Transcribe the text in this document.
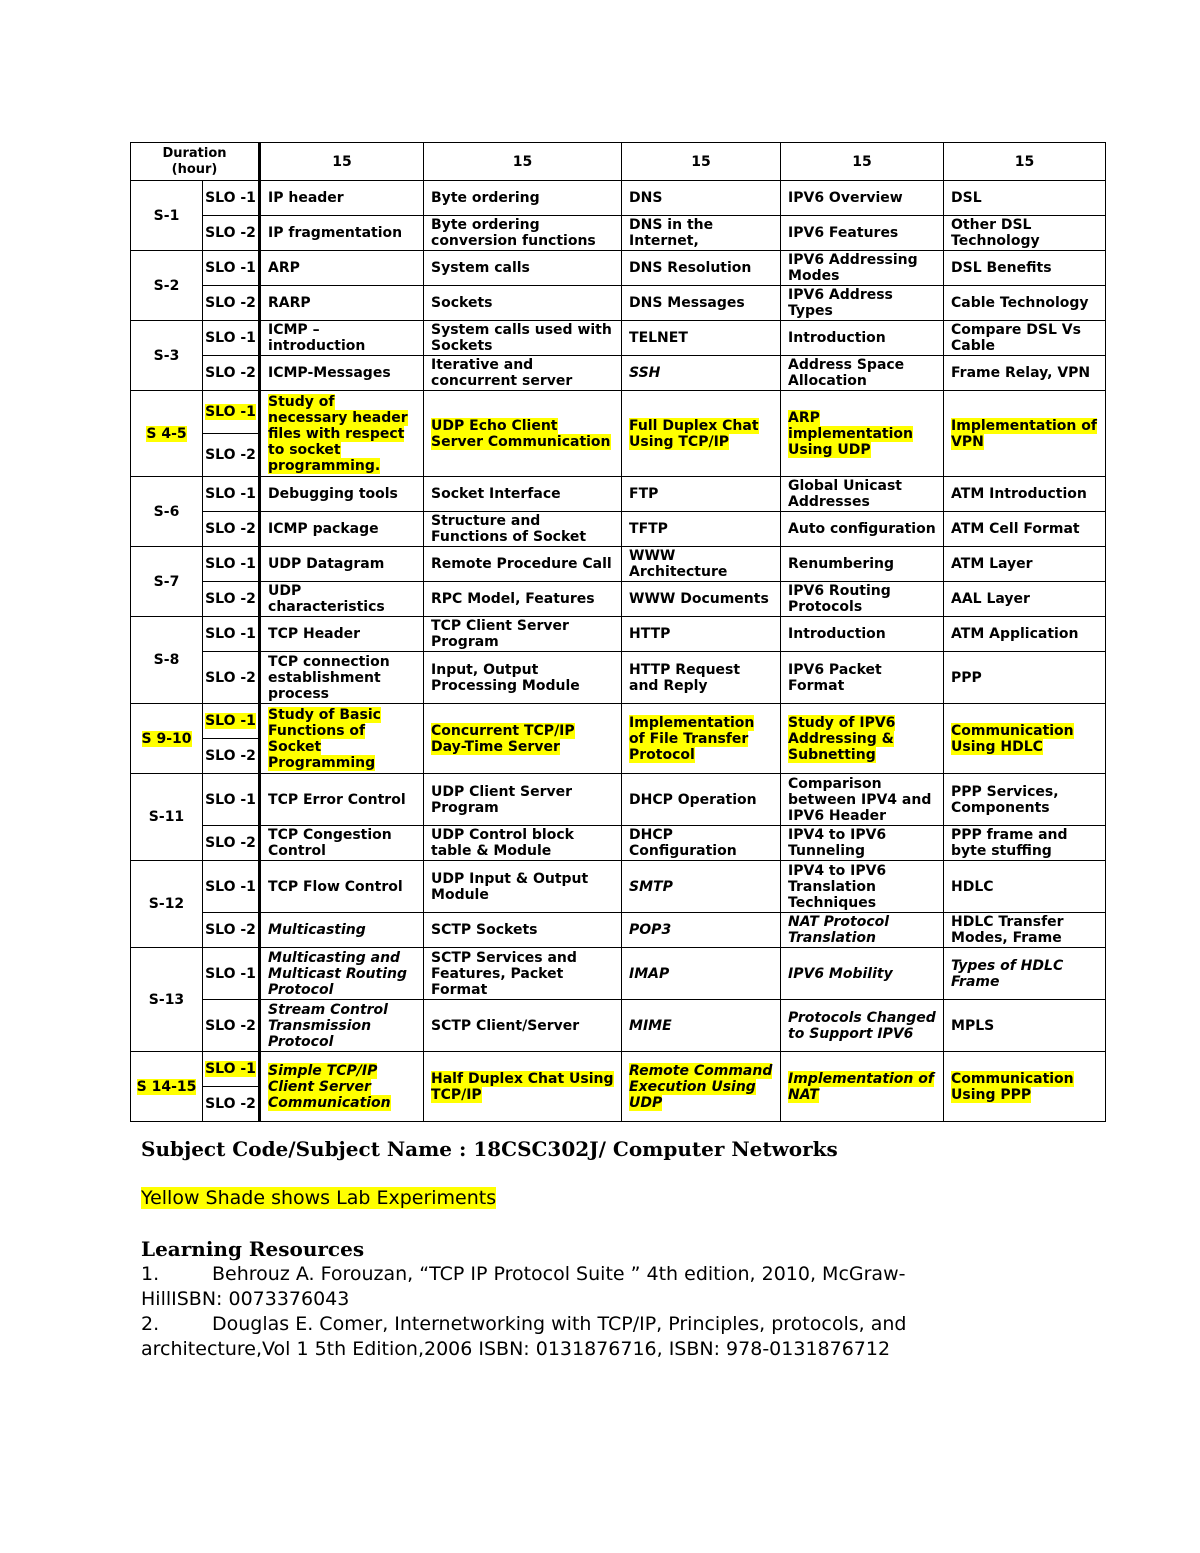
Duration (hour)		15	15	15	15	15
S-1	SLO -1	IP header	Byte ordering	DNS	IPV6 Overview	DSL
	SLO -2	IP fragmentation	Byte ordering conversion functions	DNS in the Internet,	IPV6 Features	Other DSL Technology
S-2	SLO -1	ARP	System calls	DNS Resolution	IPV6 Addressing Modes	DSL Benefits
	SLO -2	RARP	Sockets	DNS Messages	IPV6 Address Types	Cable Technology
S-3	SLO -1	ICMP – introduction	System calls used with Sockets	TELNET	Introduction	Compare DSL Vs Cable
	SLO -2	ICMP-Messages	Iterative and concurrent server	SSH	Address Space Allocation	Frame Relay, VPN
S 4-5	SLO -1	Study of necessary header files with respect to socket programming.	UDP Echo Client Server Communication	Full Duplex Chat Using TCP/IP	ARP implementation Using UDP	Implementation of VPN
	SLO -2					
S-6	SLO -1	Debugging tools	Socket Interface	FTP	Global Unicast Addresses	ATM Introduction
	SLO -2	ICMP package	Structure and Functions of Socket	TFTP	Auto configuration	ATM Cell Format
S-7	SLO -1	UDP Datagram	Remote Procedure Call	WWW Architecture	Renumbering	ATM Layer
	SLO -2	UDP characteristics	RPC Model, Features	WWW Documents	IPV6 Routing Protocols	AAL Layer
S-8	SLO -1	TCP Header	TCP Client Server Program	HTTP	Introduction	ATM Application
	SLO -2	TCP connection establishment process	Input, Output Processing Module	HTTP Request and Reply	IPV6 Packet Format	PPP
S 9-10	SLO -1	Study of Basic Functions of Socket Programming	Concurrent TCP/IP Day-Time Server	Implementation of File Transfer Protocol	Study of IPV6 Addressing & Subnetting	Communication Using HDLC
	SLO -2					
S-11	SLO -1	TCP Error Control	UDP Client Server Program	DHCP Operation	Comparison between IPV4 and IPV6 Header	PPP Services, Components
	SLO -2	TCP Congestion Control	UDP Control block table & Module	DHCP Configuration	IPV4 to IPV6 Tunneling	PPP frame and byte stuffing
S-12	SLO -1	TCP Flow Control	UDP Input & Output Module	SMTP	IPV4 to IPV6 Translation Techniques	HDLC
	SLO -2	Multicasting	SCTP Sockets	POP3	NAT Protocol Translation	HDLC Transfer Modes, Frame
S-13	SLO -1	Multicasting and Multicast Routing Protocol	SCTP Services and Features, Packet Format	IMAP	IPV6 Mobility	Types of HDLC Frame
	SLO -2	Stream Control Transmission Protocol	SCTP Client/Server	MIME	Protocols Changed to Support IPV6	MPLS
S 14-15	SLO -1	Simple TCP/IP Client Server Communication	Half Duplex Chat Using TCP/IP	Remote Command Execution Using UDP	Implementation of NAT	Communication Using PPP
	SLO -2					
Subject Code/Subject Name : 18CSC302J/ Computer Networks
Yellow Shade shows Lab Experiments
Learning Resources
1.	Behrouz A. Forouzan, “TCP IP Protocol Suite ” 4th edition, 2010, McGraw-
HillISBN: 0073376043
2.	Douglas E. Comer, Internetworking with TCP/IP, Principles, protocols, and
architecture,Vol 1 5th Edition,2006 ISBN: 0131876716, ISBN: 978-0131876712
